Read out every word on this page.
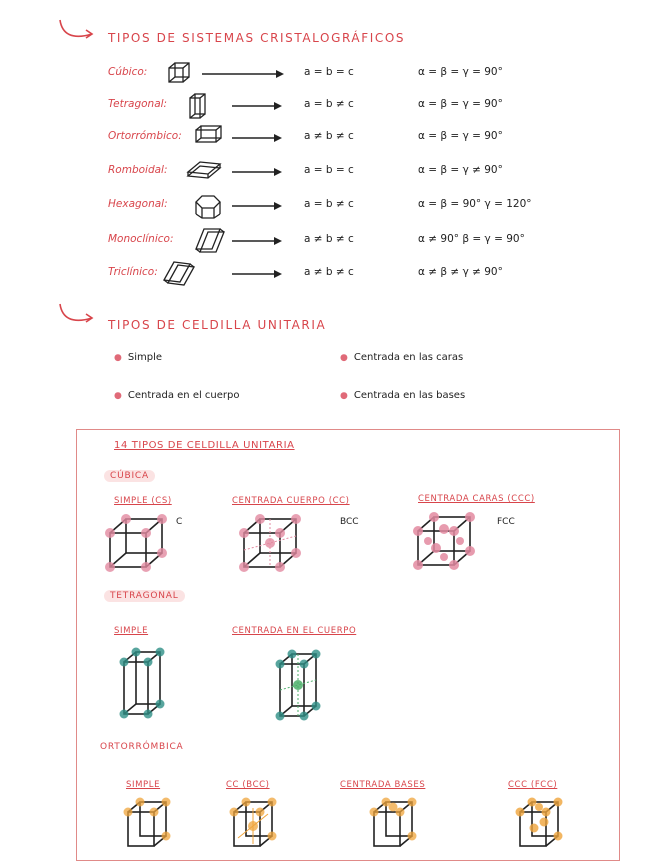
TIPOS DE SISTEMAS CRISTALOGRÁFICOS
Cúbico:	a = b = c	α = β = γ = 90°
Tetragonal:	a = b ≠ c	α = β = γ = 90°
Ortorrómbico:	a ≠ b ≠ c	α = β = γ = 90°
Romboidal:	a = b = c	α = β = γ ≠ 90°
Hexagonal:	a = b ≠ c	α = β = 90° γ = 120°
Monoclínico:	a ≠ b ≠ c	α ≠ 90° β = γ = 90°
Triclínico:	a ≠ b ≠ c	α ≠ β ≠ γ ≠ 90°
TIPOS DE CELDILLA UNITARIA
● Simple	● Centrada en las caras
● Centrada en el cuerpo	● Centrada en las bases
14 TIPOS DE CELDILLA UNITARIA
CÚBICA
SIMPLE (CS)
C
CENTRADA CUERPO (CC)
BCC
CENTRADA CARAS (CCC)
FCC
TETRAGONAL
SIMPLE	CENTRADA EN EL CUERPO
ORTORRÓMBICA
SIMPLE	CC (BCC)	CENTRADA BASES	CCC (FCC)
